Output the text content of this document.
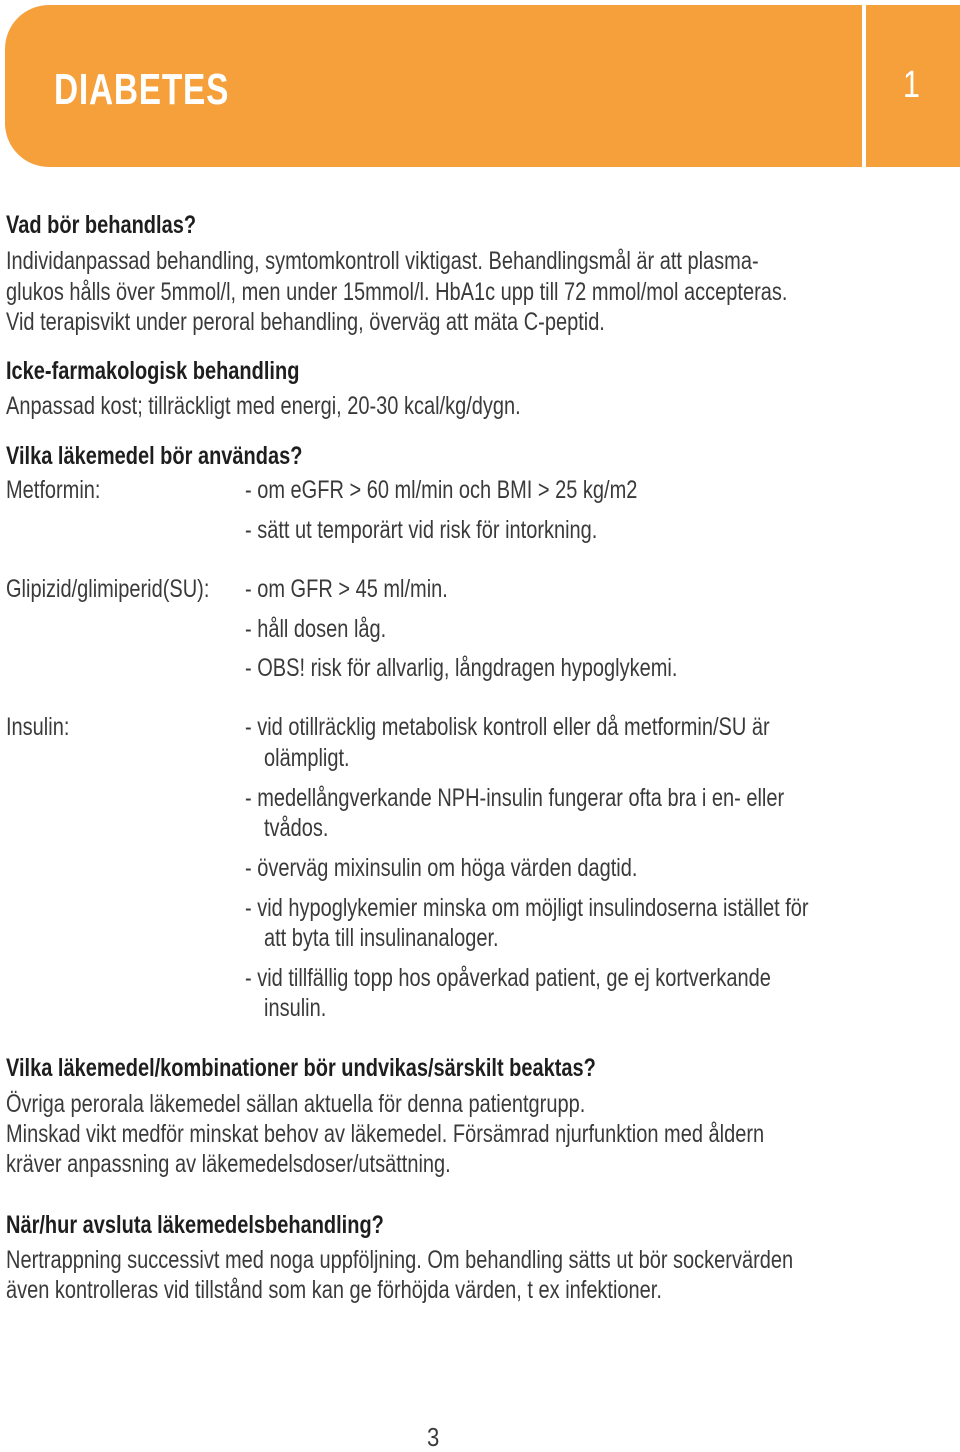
DIABETES	1
Vad bör behandlas?
Individanpassad behandling, symtomkontroll viktigast. Behandlingsmål är att plasma-
glukos hålls över 5mmol/l, men under 15mmol/l. HbA1c upp till 72 mmol/mol accepteras.
Vid terapisvikt under peroral behandling, överväg att mäta C-peptid.
Icke-farmakologisk behandling
Anpassad kost; tillräckligt med energi, 20-30 kcal/kg/dygn.
Vilka läkemedel bör användas?
Metformin:	- om eGFR > 60 ml/min och BMI > 25 kg/m2
- sätt ut temporärt vid risk för intorkning.
Glipizid/glimiperid(SU): - om GFR > 45 ml/min.
- håll dosen låg.
- OBS! risk för allvarlig, långdragen hypoglykemi.
Insulin:	- vid otillräcklig metabolisk kontroll eller då metformin/SU är
olämpligt.
- medellångverkande NPH-insulin fungerar ofta bra i en- eller
tvådos.
- överväg mixinsulin om höga värden dagtid.
- vid hypoglykemier minska om möjligt insulindoserna istället för
att byta till insulinanaloger.
- vid tillfällig topp hos opåverkad patient, ge ej kortverkande
insulin.
Vilka läkemedel/kombinationer bör undvikas/särskilt beaktas?
Övriga perorala läkemedel sällan aktuella för denna patientgrupp.
Minskad vikt medför minskat behov av läkemedel. Försämrad njurfunktion med åldern
kräver anpassning av läkemedelsdoser/utsättning.
När/hur avsluta läkemedelsbehandling?
Nertrappning successivt med noga uppföljning. Om behandling sätts ut bör sockervärden
även kontrolleras vid tillstånd som kan ge förhöjda värden, t ex infektioner.
3
